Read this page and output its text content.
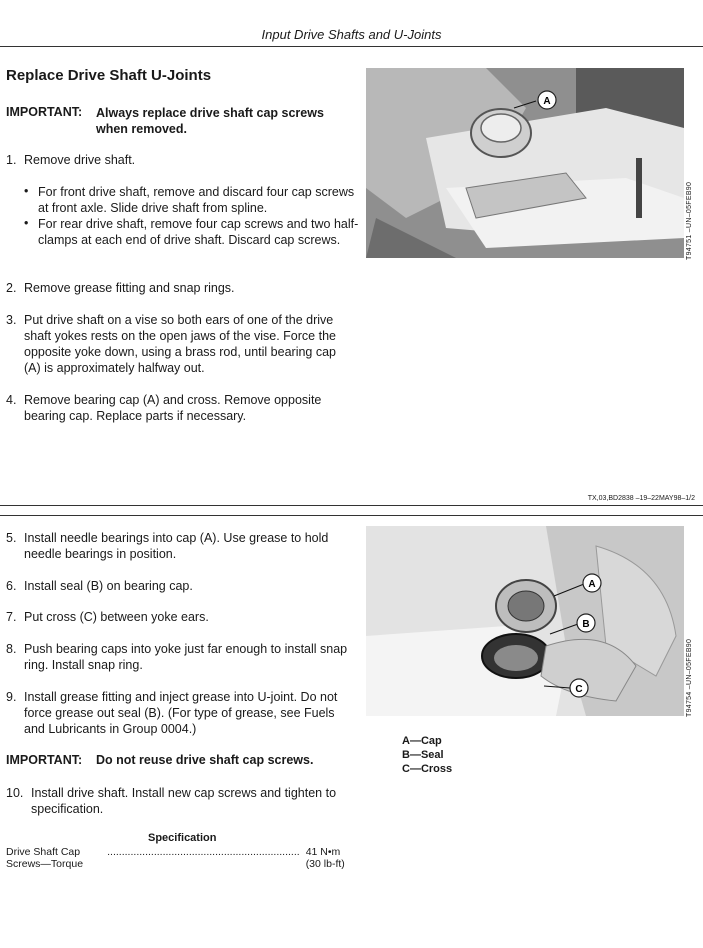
Input Drive Shafts and U-Joints
Replace Drive Shaft U-Joints
IMPORTANT: Always replace drive shaft cap screws when removed.
1. Remove drive shaft.
• For front drive shaft, remove and discard four cap screws at front axle. Slide drive shaft from spline.
• For rear drive shaft, remove four cap screws and two half-clamps at each end of drive shaft. Discard cap screws.
2. Remove grease fitting and snap rings.
3. Put drive shaft on a vise so both ears of one of the drive shaft yokes rests on the open jaws of the vise. Force the opposite yoke down, using a brass rod, until bearing cap (A) is approximately halfway out.
4. Remove bearing cap (A) and cross. Remove opposite bearing cap. Replace parts if necessary.
A
T94751 –UN–05FEB90
TX,03,BD2838 –19–22MAY98–1/2
5. Install needle bearings into cap (A). Use grease to hold needle bearings in position.
6. Install seal (B) on bearing cap.
7. Put cross (C) between yoke ears.
8. Push bearing caps into yoke just far enough to install snap ring. Install snap ring.
9. Install grease fitting and inject grease into U-joint. Do not force grease out seal (B). (For type of grease, see Fuels and Lubricants in Group 0004.)
IMPORTANT: Do not reuse drive shaft cap screws.
10. Install drive shaft. Install new cap screws and tighten to specification.
A
B
C	T94754 –UN–05FEB90
A—Cap
B—Seal
C—Cross
Specification
Drive Shaft Cap Screws—Torque
.................................................................. 41 N•m (30 lb-ft)
